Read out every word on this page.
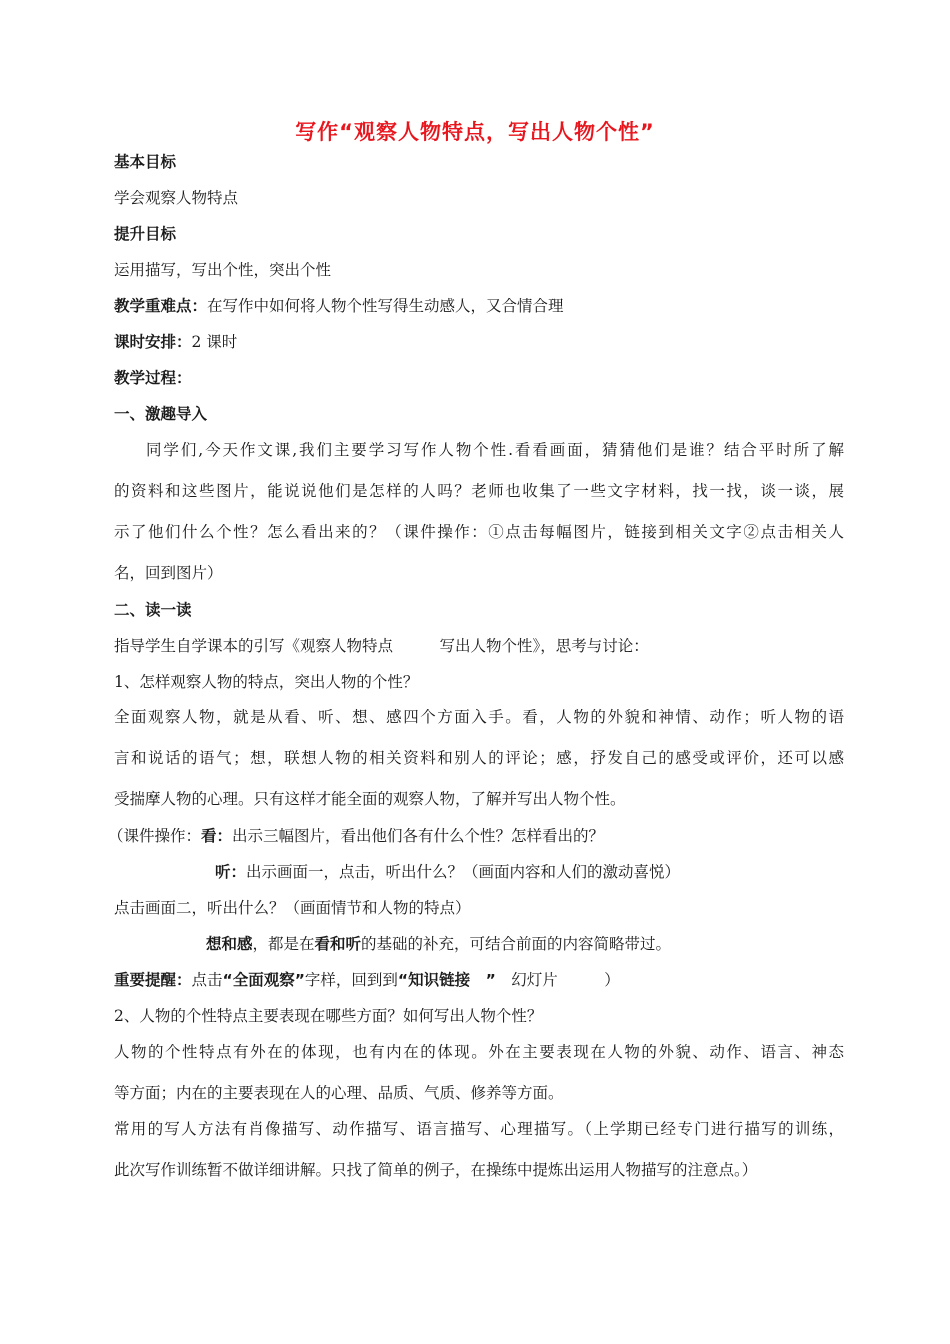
写作“观察人物特点，写出人物个性”
基本目标
学会观察人物特点
提升目标
运用描写，写出个性，突出个性
教学重难点：在写作中如何将人物个性写得生动感人，又合情合理
课时安排：2 课时
教学过程：
一、激趣导入
同学们,今天作文课,我们主要学习写作人物个性.看看画面，猜猜他们是谁？结合平时所了解
的资料和这些图片，能说说他们是怎样的人吗？老师也收集了一些文字材料，找一找，谈一谈，展
示了他们什么个性？怎么看出来的？（课件操作：①点击每幅图片，链接到相关文字②点击相关人
名，回到图片）
二、读一读
指导学生自学课本的引写《观察人物特点　　　写出人物个性》，思考与讨论：
1、怎样观察人物的特点，突出人物的个性？
全面观察人物，就是从看、听、想、感四个方面入手。看，人物的外貌和神情、动作；听人物的语
言和说话的语气；想，联想人物的相关资料和别人的评论；感，抒发自己的感受或评价，还可以感
受揣摩人物的心理。只有这样才能全面的观察人物，了解并写出人物个性。
（课件操作：看：出示三幅图片，看出他们各有什么个性？怎样看出的？
听：出示画面一，点击，听出什么？（画面内容和人们的激动喜悦）
点击画面二，听出什么？（画面情节和人物的特点）
想和感，都是在看和听的基础的补充，可结合前面的内容简略带过。
重要提醒：点击“全面观察”字样，回到到“知识链接　”　幻灯片　　　）
2、人物的个性特点主要表现在哪些方面？如何写出人物个性？
人物的个性特点有外在的体现，也有内在的体现。外在主要表现在人物的外貌、动作、语言、神态
等方面；内在的主要表现在人的心理、品质、气质、修养等方面。
常用的写人方法有肖像描写、动作描写、语言描写、心理描写。（上学期已经专门进行描写的训练，
此次写作训练暂不做详细讲解。只找了简单的例子，在操练中提炼出运用人物描写的注意点。）
